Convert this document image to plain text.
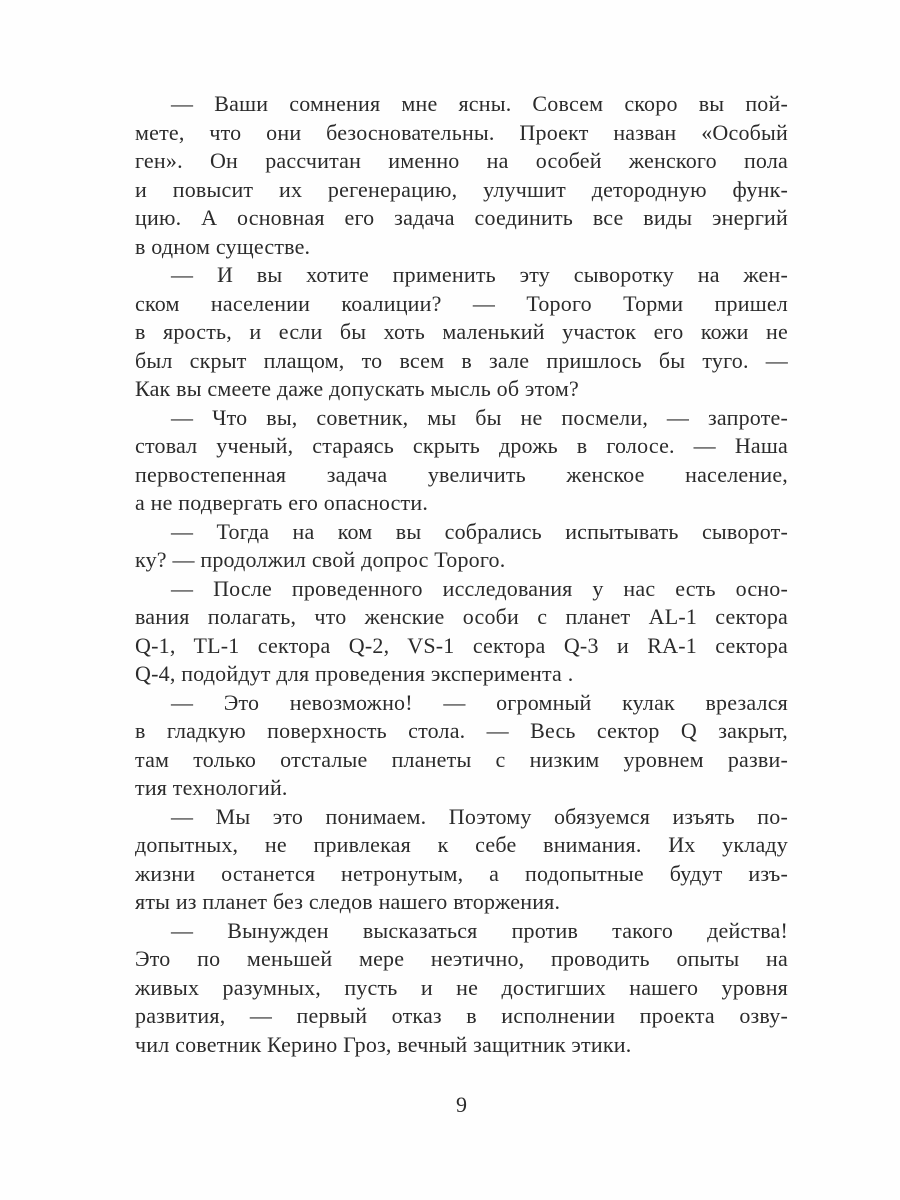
— Ваши сомнения мне ясны. Совсем скоро вы пой-
мете, что они безосновательны. Проект назван «Особый
ген». Он рассчитан именно на особей женского пола
и повысит их регенерацию, улучшит детородную функ-
цию. А основная его задача соединить все виды энергий
в одном существе.
— И вы хотите применить эту сыворотку на жен-
ском населении коалиции? — Торого Торми пришел
в ярость, и если бы хоть маленький участок его кожи не
был скрыт плащом, то всем в зале пришлось бы туго. —
Как вы смеете даже допускать мысль об этом?
— Что вы, советник, мы бы не посмели, — запроте-
стовал ученый, стараясь скрыть дрожь в голосе. — Наша
первостепенная задача увеличить женское население,
а не подвергать его опасности.
— Тогда на ком вы собрались испытывать сыворот-
ку? — продолжил свой допрос Торого.
— После проведенного исследования у нас есть осно-
вания полагать, что женские особи с планет AL-1 сектора
Q-1, TL-1 сектора Q-2, VS-1 сектора Q-3 и RA-1 сектора
Q-4, подойдут для проведения эксперимента .
— Это невозможно! — огромный кулак врезался
в гладкую поверхность стола. — Весь сектор Q закрыт,
там только отсталые планеты с низким уровнем разви-
тия технологий.
— Мы это понимаем. Поэтому обязуемся изъять по-
допытных, не привлекая к себе внимания. Их укладу
жизни останется нетронутым, а подопытные будут изъ-
яты из планет без следов нашего вторжения.
— Вынужден высказаться против такого действа!
Это по меньшей мере неэтично, проводить опыты на
живых разумных, пусть и не достигших нашего уровня
развития, — первый отказ в исполнении проекта озву-
чил советник Керино Гроз, вечный защитник этики.
9
